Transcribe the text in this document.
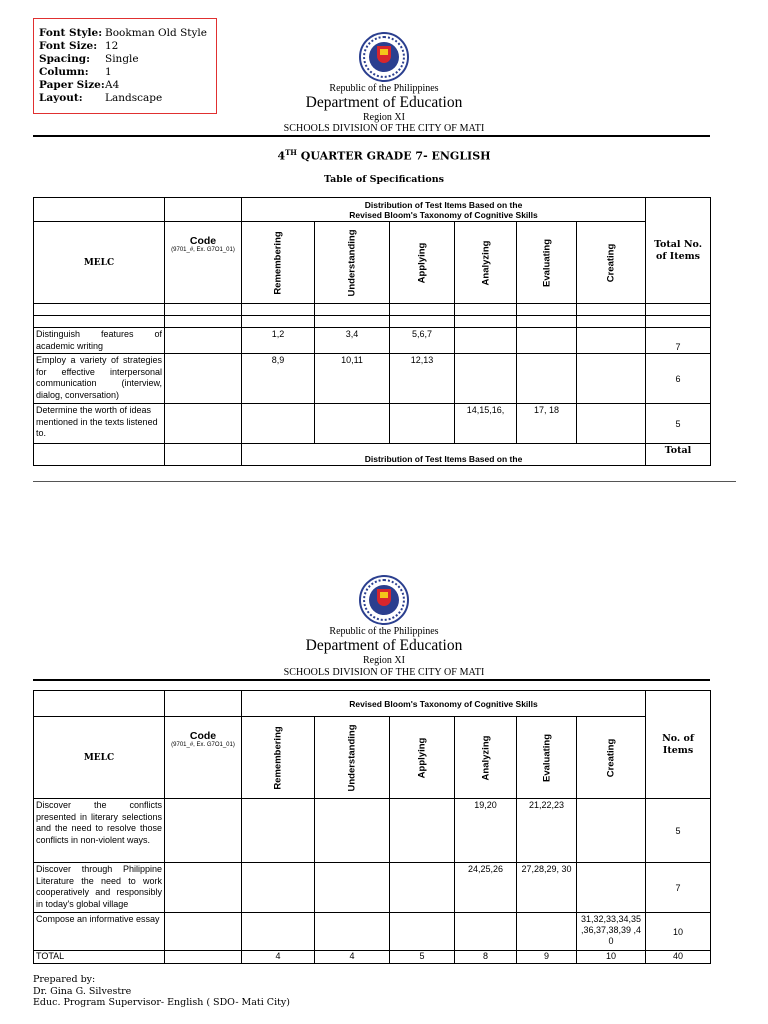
Font Style: Bookman Old Style
Font Size: 12
Spacing:	Single
Column:	1
Paper Size: A4
Layout:	Landscape
Republic of the Philippines
Department of Education
Region XI
SCHOOLS DIVISION OF THE CITY OF MATI
4TH QUARTER GRADE 7- ENGLISH
Table of Specifications

		Distribution of Test Items Based on the
Revised Bloom's Taxonomy of Cognitive Skills						Total No. of Items
MELC	Code
(9701_#, Ex. G7O1_01)	Remembering	Understanding	Applying	Analyzing	Evaluating	Creating	

Distinguish features of academic writing		1,2	3,4	5,6,7				7
Employ a variety of strategies for effective interpersonal communication (interview, dialog, conversation)		8,9	10,11	12,13				6
Determine the worth of ideas mentioned in the texts listened to.					14,15,16,	17, 18		5
		Distribution of Test Items Based on the						Total
Republic of the Philippines
Department of Education
Region XI
SCHOOLS DIVISION OF THE CITY OF MATI
		Revised Bloom's Taxonomy of Cognitive Skills						No. of Items
MELC	Code
(9701_#, Ex. G7O1_01)	Remembering	Understanding	Applying	Analyzing	Evaluating	Creating	

Discover the conflicts presented in literary selections and the need to resolve those conflicts in non-violent ways.					19,20	21,22,23		5
Discover through Philippine Literature the need to work cooperatively and responsibly in today's global village					24,25,26	27,28,29, 30		7
Compose an informative essay							31,32,33,34,35 ,36,37,38,39 ,40	10
TOTAL		4	4	5	8	9	10	40
Prepared by:
Dr. Gina G. Silvestre
Educ. Program Supervisor- English ( SDO- Mati City)
